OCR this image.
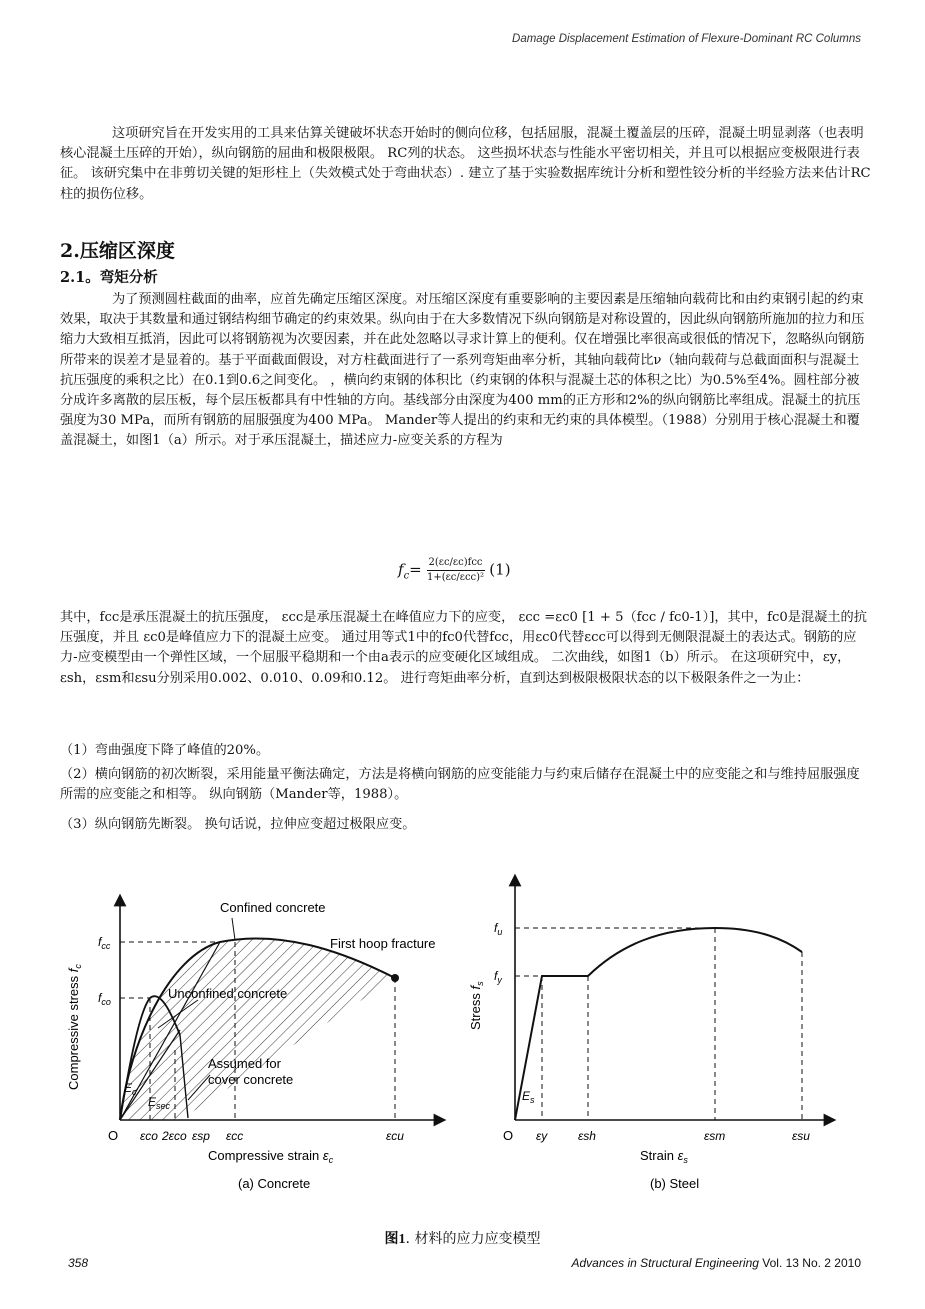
Damage Displacement Estimation of Flexure-Dominant RC Columns

这项研究旨在开发实用的工具来估算关键破坏状态开始时的侧向位移，包括屈服，混凝土覆盖层的压碎，混凝土明显剥落（也表明核心混凝土压碎的开始），纵向钢筋的屈曲和极限极限。 RC列的状态。 这些损坏状态与性能水平密切相关，并且可以根据应变极限进行表征。 该研究集中在非剪切关键的矩形柱上（失效模式处于弯曲状态）. 建立了基于实验数据库统计分析和塑性铰分析的半经验方法来估计RC柱的损伤位移。

2.压缩区深度
2.1。弯矩分析

为了预测圆柱截面的曲率，应首先确定压缩区深度。对压缩区深度有重要影响的主要因素是压缩轴向载荷比和由约束钢引起的约束效果，取决于其数量和通过钢结构细节确定的约束效果。纵向由于在大多数情况下纵向钢筋是对称设置的，因此纵向钢筋所施加的拉力和压缩力大致相互抵消，因此可以将钢筋视为次要因素，并在此处忽略以寻求计算上的便利。仅在增强比率很高或很低的情况下，忽略纵向钢筋所带来的误差才是显着的。基于平面截面假设，对方柱截面进行了一系列弯矩曲率分析，其轴向载荷比ν（轴向载荷与总截面面积与混凝土抗压强度的乘积之比）在0.1到0.6之间变化。 ，横向约束钢的体积比（约束钢的体积与混凝土芯的体积之比）为0.5%至4%。圆柱部分被分成许多离散的层压板，每个层压板都具有中性轴的方向。基线部分由深度为400 mm的正方形和2%的纵向钢筋比率组成。混凝土的抗压强度为30 MPa，而所有钢筋的屈服强度为400 MPa。 Mander等人提出的约束和无约束的具体模型。（1988）分别用于核心混凝土和覆盖混凝土，如图1（a）所示。对于承压混凝土，描述应力-应变关系的方程为

$f_c= \frac{\text{2(εc/εc)fcc}}{\text{1+(εc/εcc)²}} (1)$

其中，fcc是承压混凝土的抗压强度， εcc是承压混凝土在峰值应力下的应变， εcc =εc0 [1 + 5（fcc / fc0-1）]，其中，fc0是混凝土的抗压强度，并且 εc0是峰值应力下的混凝土应变。 通过用等式1中的fc0代替fcc，用εc0代替εcc可以得到无侧限混凝土的表达式。钢筋的应力-应变模型由一个弹性区域，一个屈服平稳期和一个由a表示的应变硬化区域组成。 二次曲线，如图1（b）所示。 在这项研究中，εy，εsh，εsm和εsu分别采用0.002、0.010、0.09和0.12。 进行弯矩曲率分析，直到达到极限极限状态的以下极限条件之一为止：

（1）弯曲强度下降了峰值的20%。

（2）横向钢筋的初次断裂，采用能量平衡法确定，方法是将横向钢筋的应变能能力与约束后储存在混凝土中的应变能之和与维持屈服强度所需的应变能之和相等。 纵向钢筋（Mander等，1988）。

（3）纵向钢筋先断裂。 换句话说，拉伸应变超过极限应变。

Confined concrete
First hoop fracture
Unconfined concrete
Assumed for
cover concrete
$f_{cc}$
$f_{co}$
$E_c$
$E_{sec}$
O εco 2εco εsp εcc	εcu
Compressive strain $\varepsilon_c$
Compressive stress $f_c$
(a) Concrete
$f_u$
$f_y$
$E_s$
O εy	εsh	εsm	εsu
Strain $\varepsilon_s$
Stress $f_s$
(b) Steel
图1. 材料的应力应变模型
358	Advances in Structural Engineering Vol. 13 No. 2 2010
